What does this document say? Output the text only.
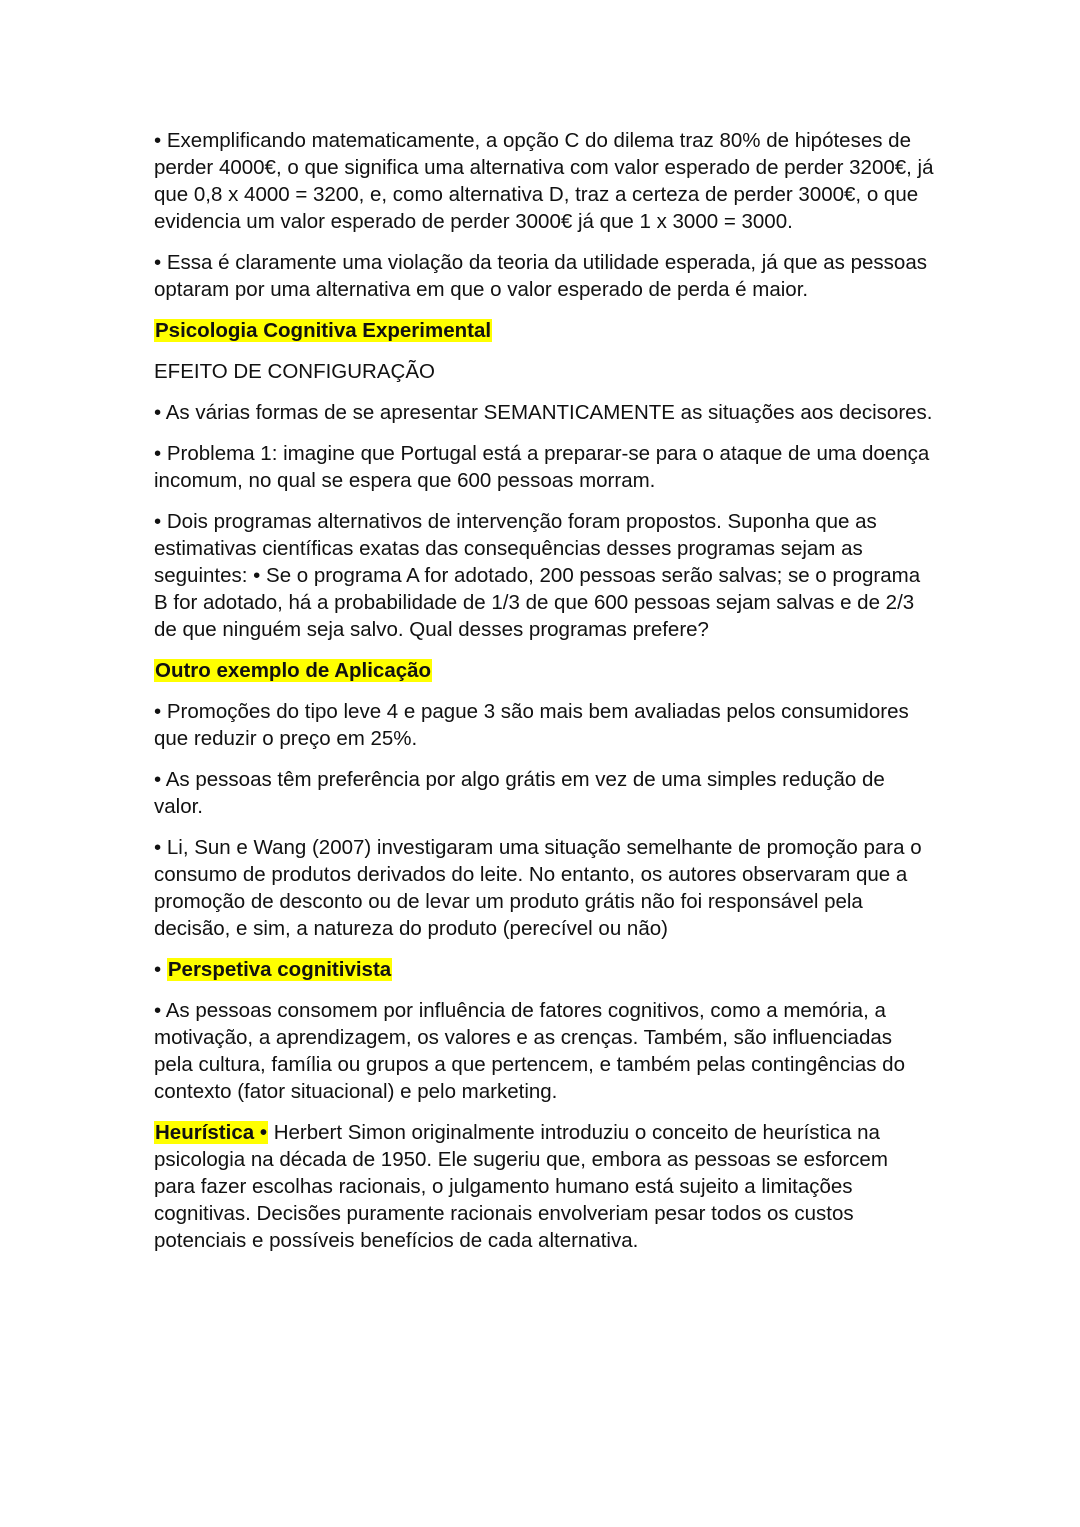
• Exemplificando matematicamente, a opção C do dilema traz 80% de hipóteses de perder 4000€, o que significa uma alternativa com valor esperado de perder 3200€, já que 0,8 x 4000 = 3200, e, como alternativa D, traz a certeza de perder 3000€, o que evidencia um valor esperado de perder 3000€ já que 1 x 3000 = 3000.

• Essa é claramente uma violação da teoria da utilidade esperada, já que as pessoas optaram por uma alternativa em que o valor esperado de perda é maior.

Psicologia Cognitiva Experimental

EFEITO DE CONFIGURAÇÃO

• As várias formas de se apresentar SEMANTICAMENTE as situações aos decisores.

• Problema 1: imagine que Portugal está a preparar-se para o ataque de uma doença incomum, no qual se espera que 600 pessoas morram.

• Dois programas alternativos de intervenção foram propostos. Suponha que as estimativas científicas exatas das consequências desses programas sejam as seguintes: • Se o programa A for adotado, 200 pessoas serão salvas; se o programa B for adotado, há a probabilidade de 1/3 de que 600 pessoas sejam salvas e de 2/3 de que ninguém seja salvo. Qual desses programas prefere?

Outro exemplo de Aplicação

• Promoções do tipo leve 4 e pague 3 são mais bem avaliadas pelos consumidores que reduzir o preço em 25%.

• As pessoas têm preferência por algo grátis em vez de uma simples redução de valor.

• Li, Sun e Wang (2007) investigaram uma situação semelhante de promoção para o consumo de produtos derivados do leite. No entanto, os autores observaram que a promoção de desconto ou de levar um produto grátis não foi responsável pela decisão, e sim, a natureza do produto (perecível ou não)

• Perspetiva cognitivista

• As pessoas consomem por influência de fatores cognitivos, como a memória, a motivação, a aprendizagem, os valores e as crenças. Também, são influenciadas pela cultura, família ou grupos a que pertencem, e também pelas contingências do contexto (fator situacional) e pelo marketing.

Heurística • Herbert Simon originalmente introduziu o conceito de heurística na psicologia na década de 1950. Ele sugeriu que, embora as pessoas se esforcem para fazer escolhas racionais, o julgamento humano está sujeito a limitações cognitivas. Decisões puramente racionais envolveriam pesar todos os custos potenciais e possíveis benefícios de cada alternativa.
